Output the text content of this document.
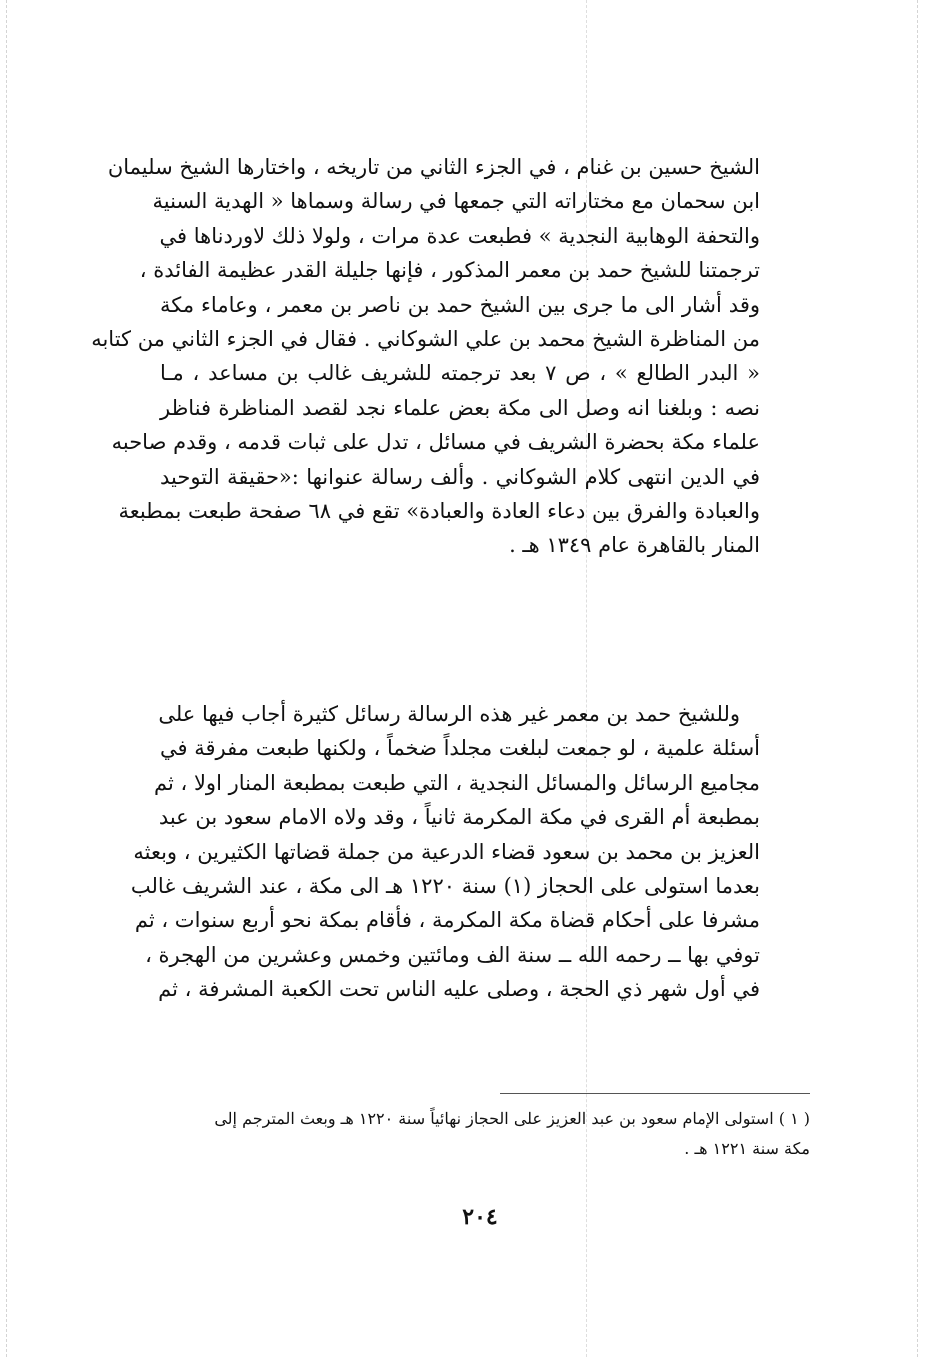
الشيخ حسين بن غنام ، في الجزء الثاني من تاريخه ، واختارها الشيخ سليمان
ابن سحمان مع مختاراته التي جمعها في رسالة وسماها « الهدية السنية
والتحفة الوهابية النجدية » فطبعت عدة مرات ، ولولا ذلك لاوردناها في
ترجمتنا للشيخ حمد بن معمر المذكور ، فإنها جليلة القدر عظيمة الفائدة ،
وقد أشار الى ما جرى بين الشيخ حمد بن ناصر بن معمر ، وعاماء مكة
من المناظرة الشيخ محمد بن علي الشوكاني . فقال في الجزء الثاني من كتابه
« البدر الطالع » ، ص ٧ بعد ترجمته للشريف غالب بن مساعد ، مـا
نصه : وبلغنا انه وصل الى مكة بعض علماء نجد لقصد المناظرة فناظر
علماء مكة بحضرة الشريف في مسائل ، تدل على ثبات قدمه ، وقدم صاحبه
في الدين انتهى كلام الشوكاني . وألف رسالة عنوانها :«حقيقة التوحيد
والعبادة والفرق بين دعاء العادة والعبادة» تقع في ٦٨ صفحة طبعت بمطبعة
المنار بالقاهرة عام ١٣٤٩ هـ .
وللشيخ حمد بن معمر غير هذه الرسالة رسائل كثيرة أجاب فيها على
أسئلة علمية ، لو جمعت لبلغت مجلداً ضخماً ، ولكنها طبعت مفرقة في
مجاميع الرسائل والمسائل النجدية ، التي طبعت بمطبعة المنار اولا ، ثم
بمطبعة أم القرى في مكة المكرمة ثانياً ، وقد ولاه الامام سعود بن عبد
العزيز بن محمد بن سعود قضاء الدرعية من جملة قضاتها الكثيرين ، وبعثه
بعدما استولى على الحجاز (١) سنة ١٢٢٠ هـ الى مكة ، عند الشريف غالب
مشرفا على أحكام قضاة مكة المكرمة ، فأقام بمكة نحو أربع سنوات ، ثم
توفي بها ــ رحمه الله ــ سنة الف ومائتين وخمس وعشرين من الهجرة ،
في أول شهر ذي الحجة ، وصلى عليه الناس تحت الكعبة المشرفة ، ثم
( ١ ) استولى الإمام سعود بن عبد العزيز على الحجاز نهائياً سنة ١٢٢٠ هـ وبعث المترجم إلى
مكة سنة ١٢٢١ هـ .
٢٠٤
